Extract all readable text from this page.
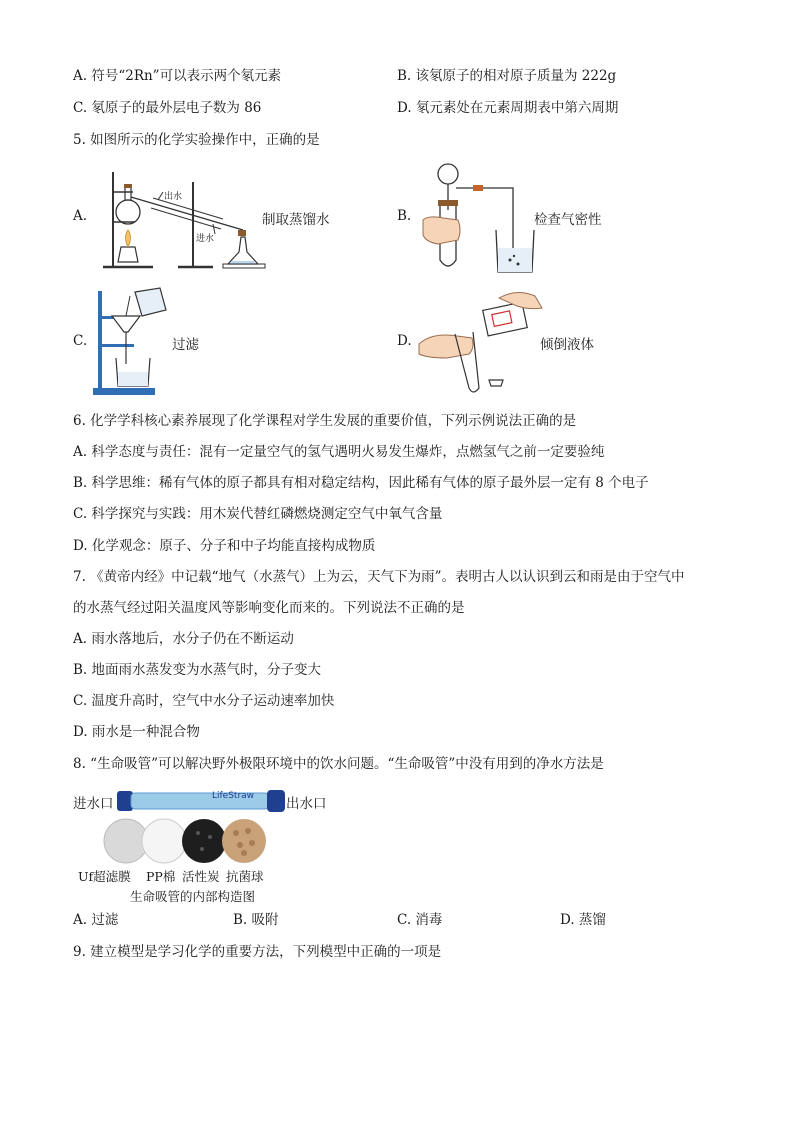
A. 符号“2Rn”可以表示两个氡元素	B. 该氡原子的相对原子质量为 222g
C. 氡原子的最外层电子数为 86	D. 氡元素处在元素周期表中第六周期
5. 如图所示的化学实验操作中，正确的是
A.
出水
进水
制取蒸馏水	B.	检查气密性
C.	过滤	D.	倾倒液体
6. 化学学科核心素养展现了化学课程对学生发展的重要价值，下列示例说法正确的是
A. 科学态度与责任：混有一定量空气的氢气遇明火易发生爆炸，点燃氢气之前一定要验纯
B. 科学思维：稀有气体的原子都具有相对稳定结构，因此稀有气体的原子最外层一定有 8 个电子
C. 科学探究与实践：用木炭代替红磷燃烧测定空气中氧气含量
D. 化学观念：原子、分子和中子均能直接构成物质
7. 《黄帝内经》中记载“地气（水蒸气）上为云，天气下为雨”。表明古人以认识到云和雨是由于空气中
的水蒸气经过阳关温度风等影响变化而来的。下列说法不正确的是
A. 雨水落地后，水分子仍在不断运动
B. 地面雨水蒸发变为水蒸气时，分子变大
C. 温度升高时，空气中水分子运动速率加快
D. 雨水是一种混合物
8. “生命吸管”可以解决野外极限环境中的饮水问题。“生命吸管”中没有用到的净水方法是
进水口	LifeStraw 出水口
Uf超滤膜 PP棉 活性炭 抗菌球
生命吸管的内部构造图
A. 过滤	B. 吸附	C. 消毒	D. 蒸馏
9. 建立模型是学习化学的重要方法，下列模型中正确的一项是
